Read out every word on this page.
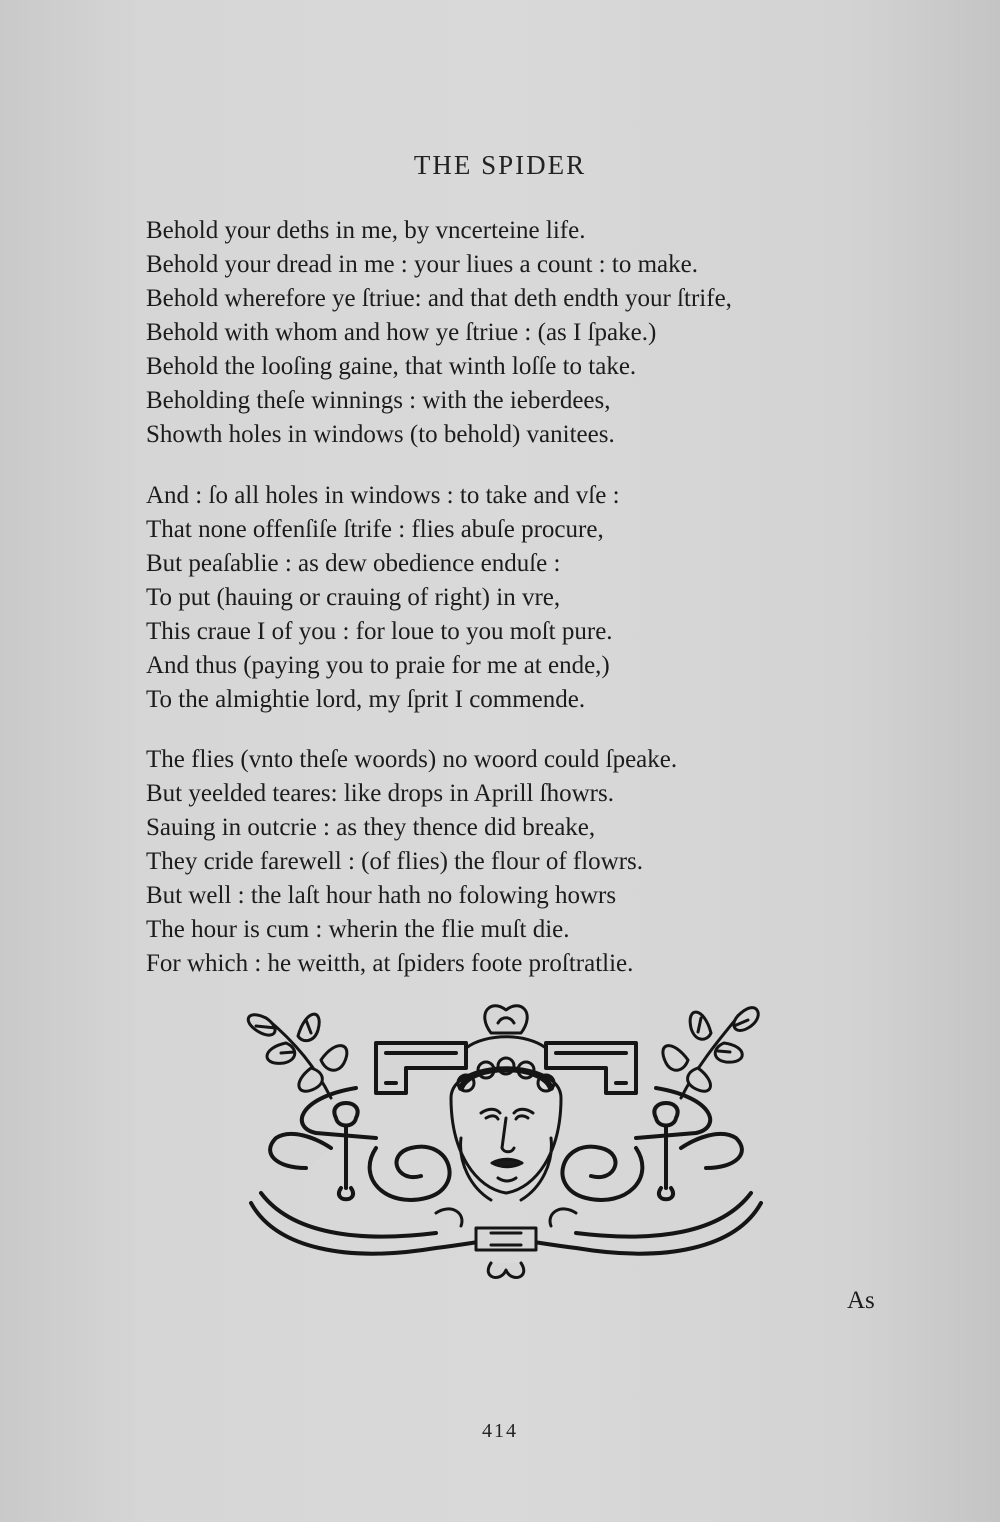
THE SPIDER
Behold your deths in me, by vncerteine life.
Behold your dread in me : your liues a count : to make.
Behold wherefore ye ſtriue: and that deth endth your ſtrife,
Behold with whom and how ye ſtriue : (as I ſpake.)
Behold the looſing gaine, that winth loſſe to take.
Beholding theſe winnings : with the ieberdees,
Showth holes in windows (to behold) vanitees.
And : ſo all holes in windows : to take and vſe :
That none offenſiſe ſtrife : flies abuſe procure,
But peaſablie : as dew obedience enduſe :
To put (hauing or crauing of right) in vre,
This craue I of you : for loue to you moſt pure.
And thus (paying you to praie for me at ende,)
To the almightie lord, my ſprit I commende.
The flies (vnto theſe woords) no woord could ſpeake.
But yeelded teares: like drops in Aprill ſhowrs.
Sauing in outcrie : as they thence did breake,
They cride farewell : (of flies) the flour of flowrs.
But well : the laſt hour hath no folowing howrs
The hour is cum : wherin the flie muſt die.
For which : he weitth, at ſpiders foote proſtratlie.
As
414
